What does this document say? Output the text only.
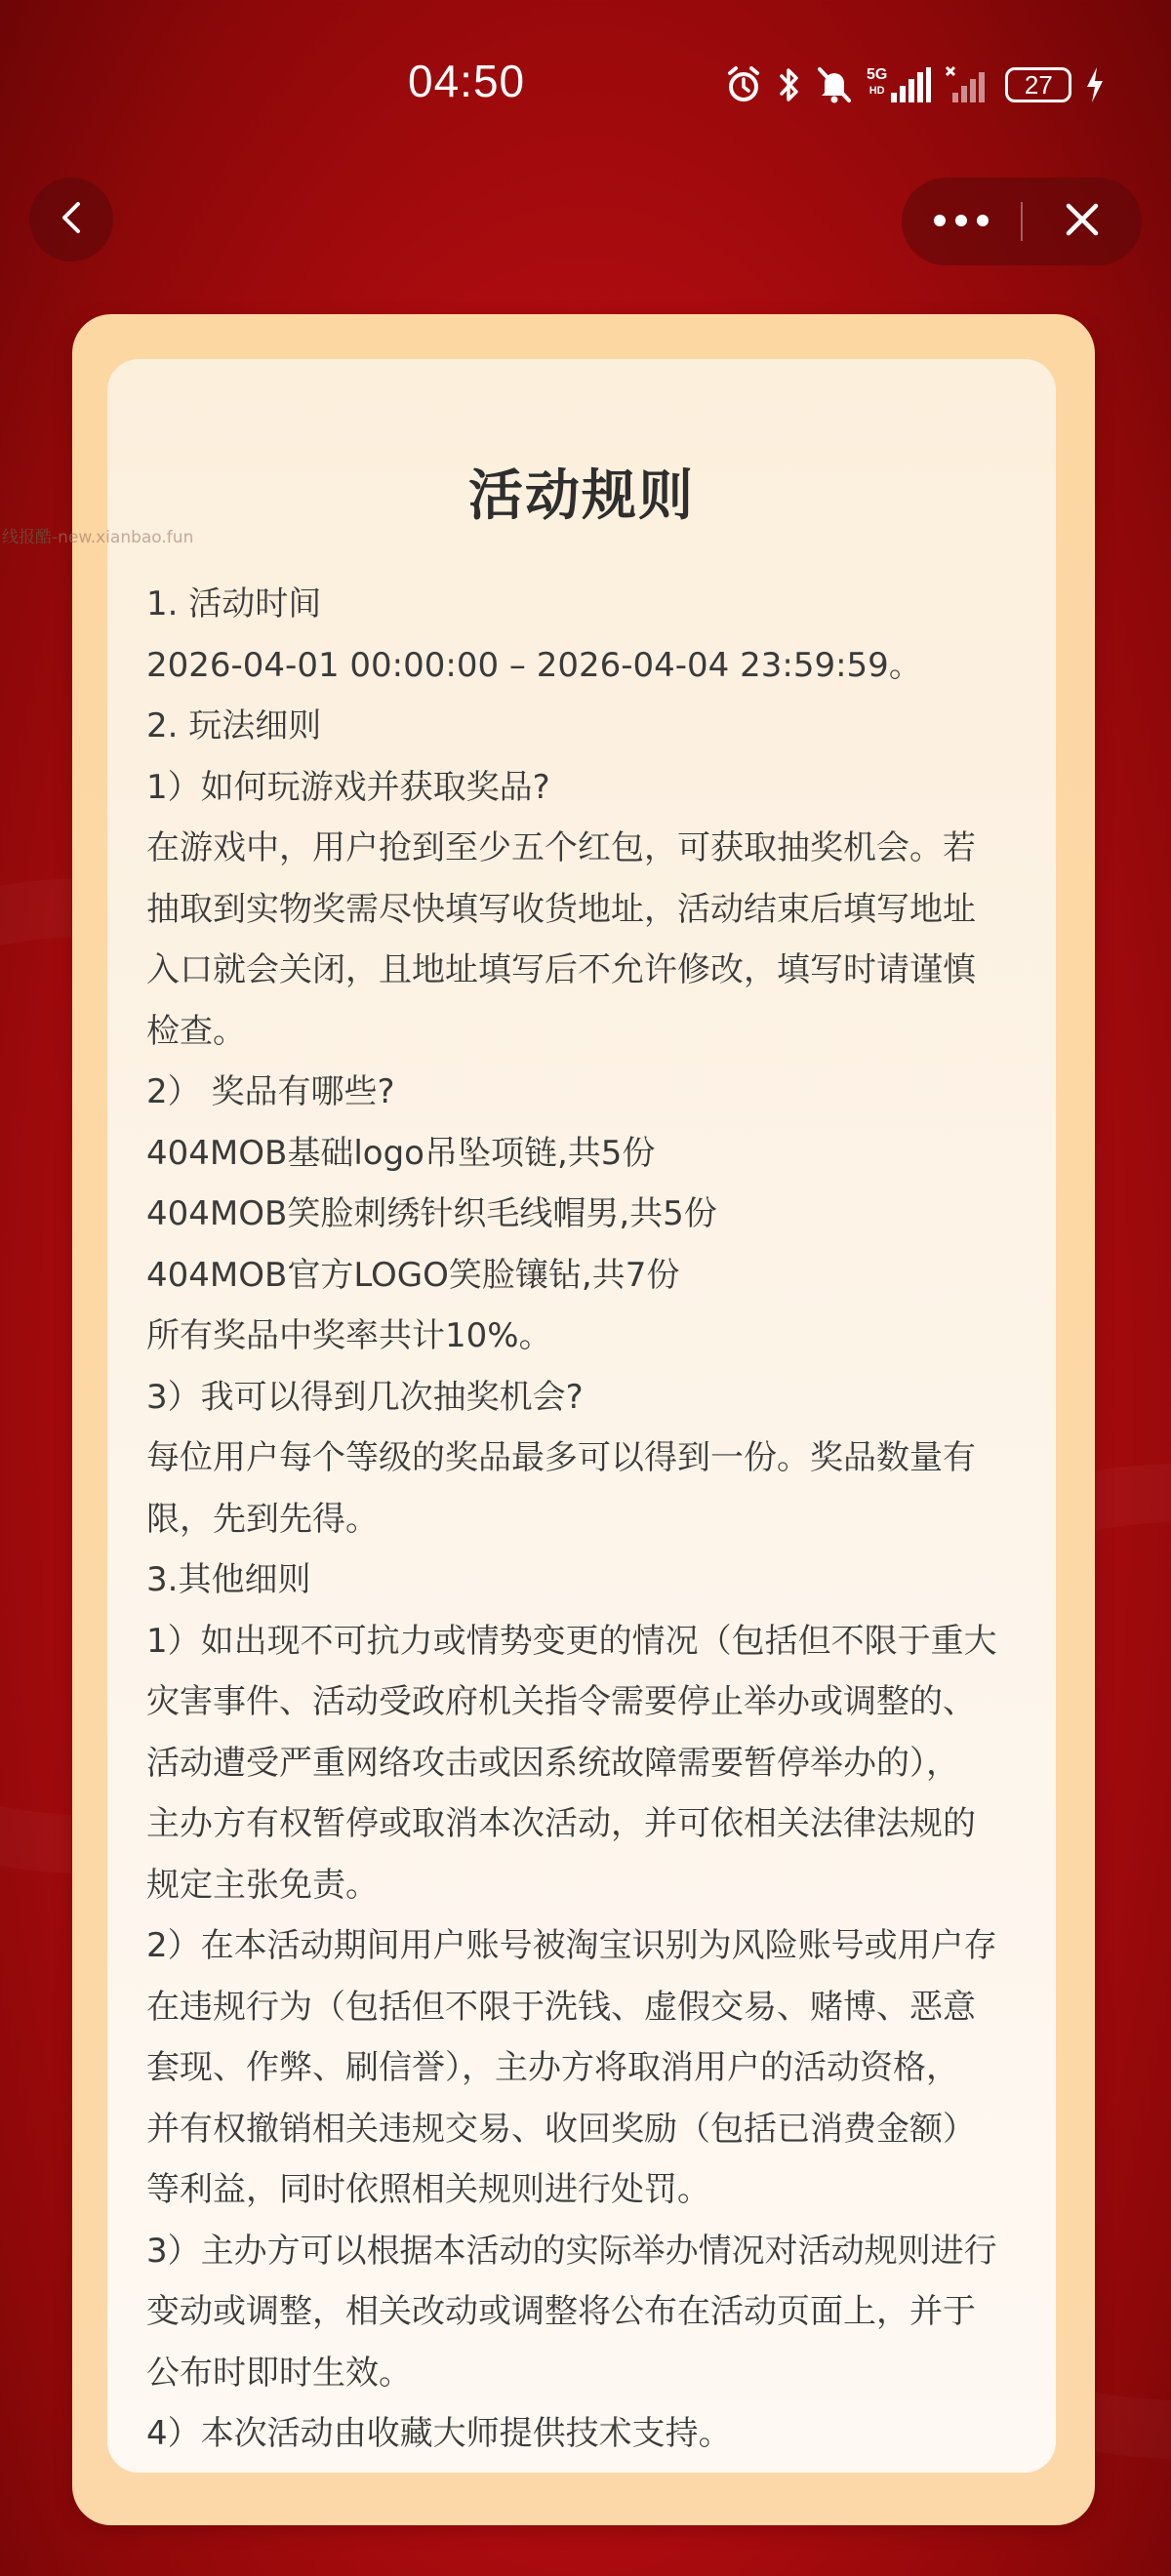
04:50	5G
HD	27
线报酷-new.xianbao.fun
活动规则
1. 活动时间
2026-04-01 00:00:00 – 2026-04-04 23:59:59。
2. 玩法细则
1）如何玩游戏并获取奖品?
在游戏中，用户抢到至少五个红包，可获取抽奖机会。若
抽取到实物奖需尽快填写收货地址，活动结束后填写地址
入口就会关闭，且地址填写后不允许修改，填写时请谨慎
检查。
2） 奖品有哪些?
404MOB基础logo吊坠项链,共5份
404MOB笑脸刺绣针织毛线帽男,共5份
404MOB官方LOGO笑脸镶钻,共7份
所有奖品中奖率共计10%。
3）我可以得到几次抽奖机会?
每位用户每个等级的奖品最多可以得到一份。奖品数量有
限，先到先得。
3.其他细则
1）如出现不可抗力或情势变更的情况（包括但不限于重大
灾害事件、活动受政府机关指令需要停止举办或调整的、
活动遭受严重网络攻击或因系统故障需要暂停举办的），
主办方有权暂停或取消本次活动，并可依相关法律法规的
规定主张免责。
2）在本活动期间用户账号被淘宝识别为风险账号或用户存
在违规行为（包括但不限于洗钱、虚假交易、赌博、恶意
套现、作弊、刷信誉），主办方将取消用户的活动资格，
并有权撤销相关违规交易、收回奖励（包括已消费金额）
等利益，同时依照相关规则进行处罚。
3）主办方可以根据本活动的实际举办情况对活动规则进行
变动或调整，相关改动或调整将公布在活动页面上，并于
公布时即时生效。
4）本次活动由收藏大师提供技术支持。
